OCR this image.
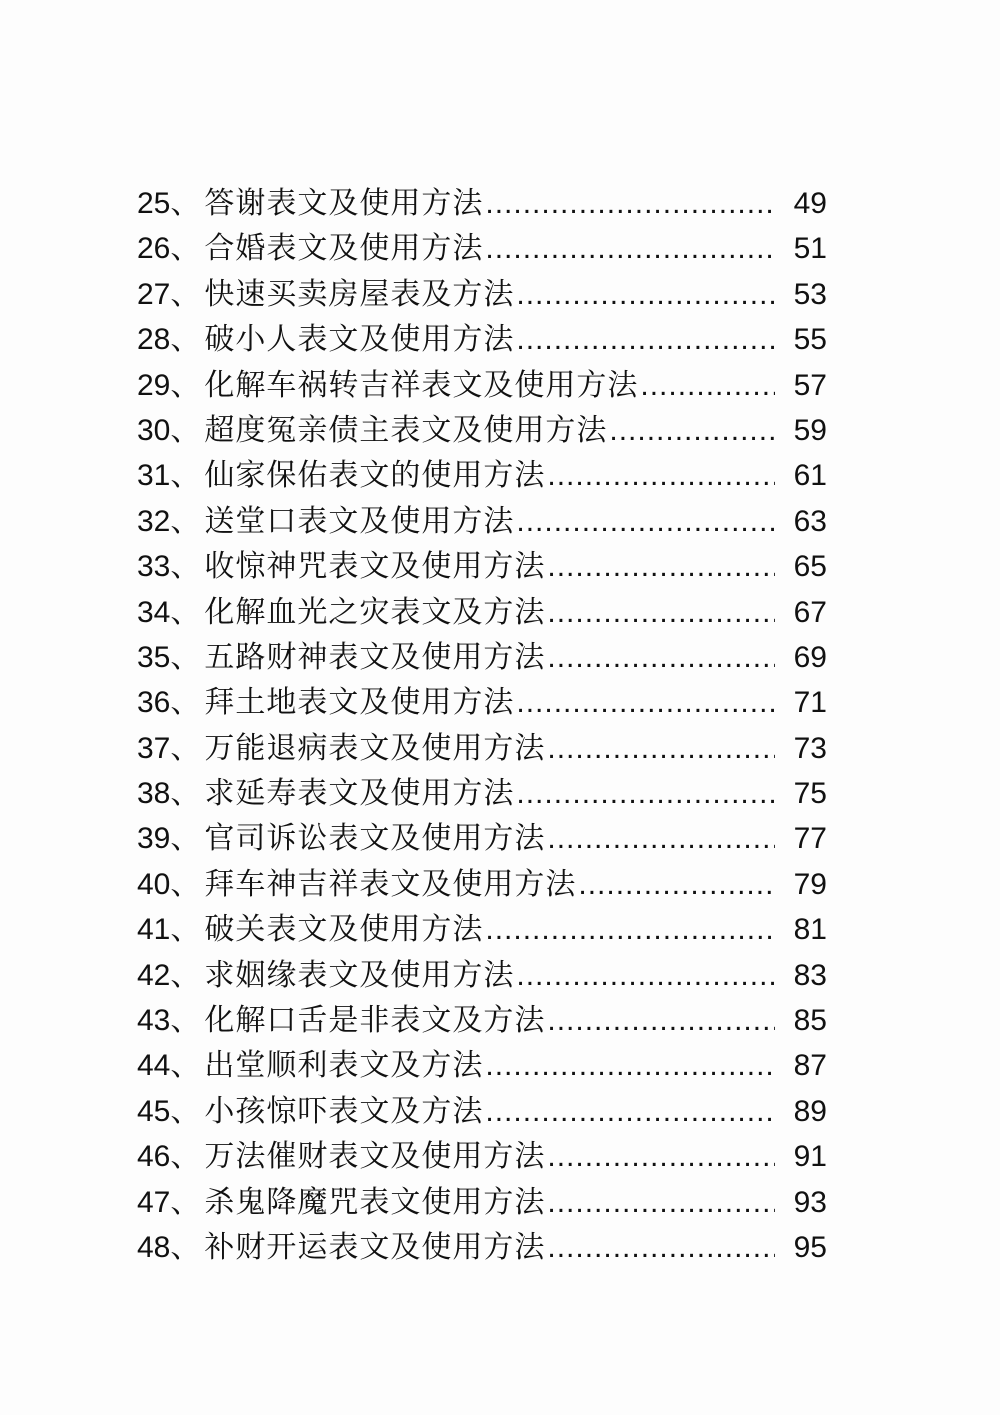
25 、 答谢表文及使用方法 .....	49
26 、 合婚表文及使用方法 .....	51
27 、 快速买卖房屋表及方法 .....	53
28 、 破小人表文及使用方法 .....	55
29 、 化解车祸转吉祥表文及使用方法 .....	57
30 、 超度冤亲债主表文及使用方法 .....	59
31 、 仙家保佑表文的使用方法 .....	61
32 、 送堂口表文及使用方法 .....	63
33 、 收惊神咒表文及使用方法 .....	65
34 、 化解血光之灾表文及方法 .....	67
35 、 五路财神表文及使用方法 .....	69
36 、 拜土地表文及使用方法 .....	71
37 、 万能退病表文及使用方法 .....	73
38 、 求延寿表文及使用方法 .....	75
39 、 官司诉讼表文及使用方法 .....	77
40 、 拜车神吉祥表文及使用方法 .....	79
41 、 破关表文及使用方法 .....	81
42 、 求姻缘表文及使用方法 .....	83
43 、 化解口舌是非表文及方法 .....	85
44 、 出堂顺利表文及方法 .....	87
45 、 小孩惊吓表文及方法 .....	89
46 、 万法催财表文及使用方法 .....	91
47 、 杀鬼降魔咒表文使用方法 .....	93
48 、 补财开运表文及使用方法 .....	95
